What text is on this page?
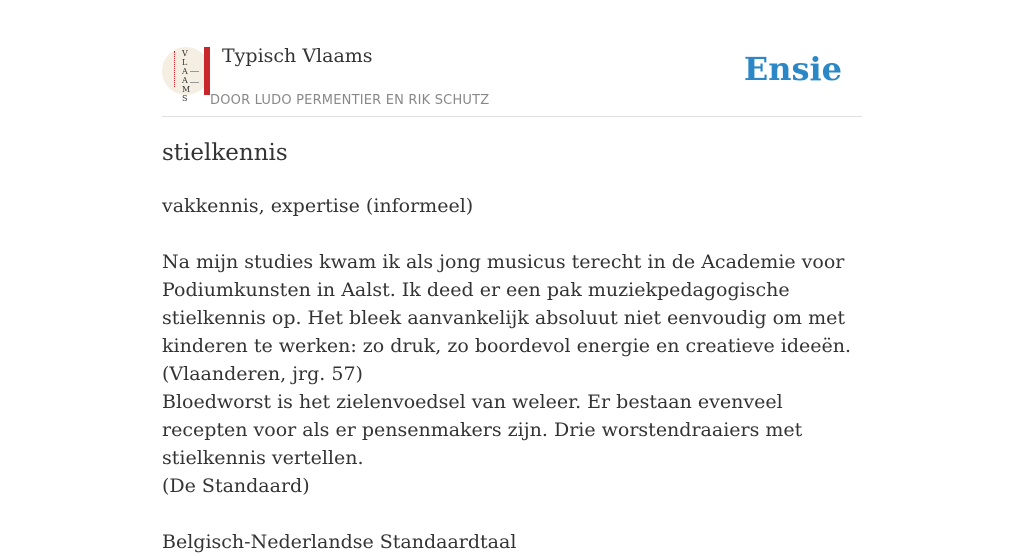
V
L
A
A
M
S
Typisch Vlaams
DOOR LUDO PERMENTIER EN RIK SCHUTZ
Ensie
stielkennis

vakkennis, expertise (informeel)

Na mijn studies kwam ik als jong musicus terecht in de Academie voor Podiumkunsten in Aalst. Ik deed er een pak muziekpedagogische stielkennis op. Het bleek aanvankelijk absoluut niet eenvoudig om met kinderen te werken: zo druk, zo boordevol energie en creatieve ideeën.

(Vlaanderen, jrg. 57)

Bloedworst is het zielenvoedsel van weleer. Er bestaan evenveel recepten voor als er pensenmakers zijn. Drie worstendraaiers met stielkennis vertellen.

(De Standaard)

Belgisch-Nederlandse Standaardtaal
